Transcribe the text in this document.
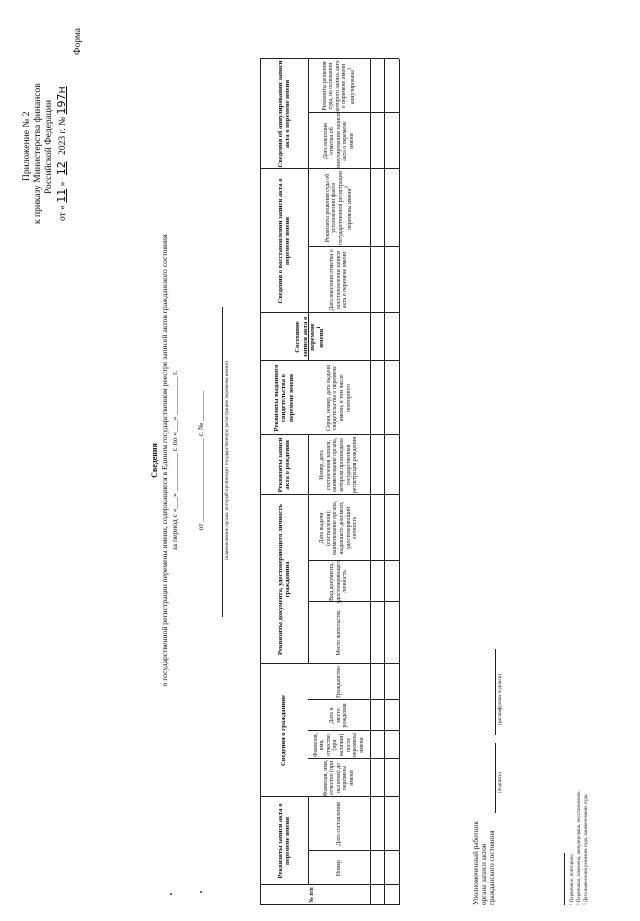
Приложение № 2 к приказу Министерства финансов Российской Федерации
от « 11 » 12 2023 г. № 197н
Форма
Сведения о государственной регистрации перемены имени, содержащиеся в Едином государственном реестре записей актов гражданского состояния за период с «___» __________ г. по «___» __________ г. от ______________________ г. № ________	(наименование органа, который производит государственную регистрацию перемены имени)
№ п/п
Реквизиты записи акта о перемене имени
Сведения о гражданине
Реквизиты документа, удостоверяющего личность гражданина
Реквизиты записи акта о рождении
Реквизиты выданного свидетельства о перемене имени
Состояние записи акта о перемене имени$^1$
Сведения о восстановлении записи акта о перемене имени
Сведения об аннулировании записи акта о перемене имени
Номер
Дата составления
Фамилия, имя, отчество (при наличии) до перемены имени
Фамилия, имя, отчество (при наличии) после перемены имени
Дата и место рождения
Гражданство
Место жительства
Вид документа, удостоверяющего личность
Дата выдачи (составления); наименование органа, выдавшего документ, удостоверяющий личность
Номер, дата составления записи, наименование органа, которым произведена государственная регистрация рождения
Серия, номер, дата выдачи свидетельства о перемене имени, в том числе повторного
Дата внесения отметки о восстановлении записи акта о перемене имени
Реквизиты решения суда об установлении факта государственной регистрации перемены имени$^2$
Дата внесения отметки об аннулировании записи акта о перемене имени
Реквизиты решения суда, на основании которого запись акта о перемене имени аннулирована$^3$
Уполномоченный работник органа записи актов гражданского состояния
(подпись)
(расшифровка подписи)
¹ Первичное, повторное. ² Первичная, изменена, аннулирована, восстановлена. ³ Дата вынесения решения суда, наименование суда.
